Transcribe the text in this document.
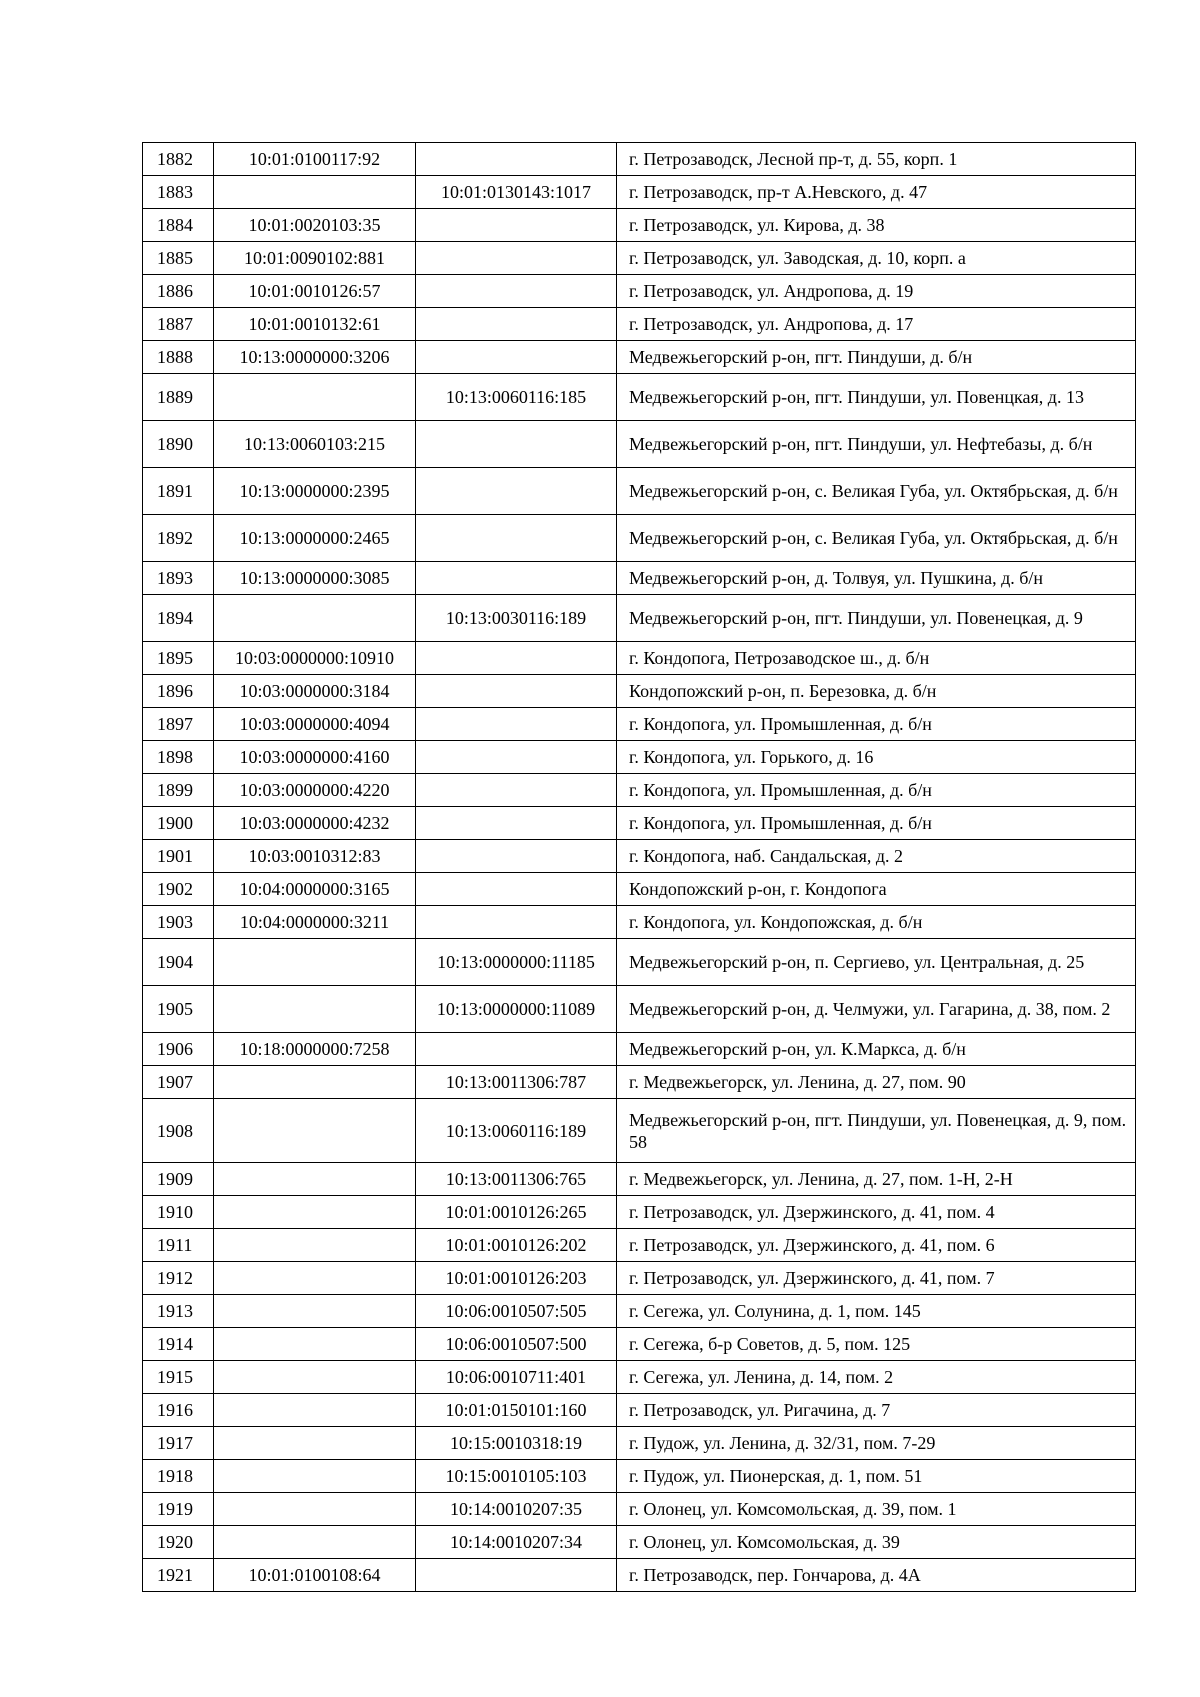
1882	10:01:0100117:92		г. Петрозаводск, Лесной пр-т, д. 55, корп. 1
1883		10:01:0130143:1017	г. Петрозаводск, пр-т А.Невского, д. 47
1884	10:01:0020103:35		г. Петрозаводск, ул. Кирова, д. 38
1885	10:01:0090102:881		г. Петрозаводск, ул. Заводская, д. 10, корп. а
1886	10:01:0010126:57		г. Петрозаводск, ул. Андропова, д. 19
1887	10:01:0010132:61		г. Петрозаводск, ул. Андропова, д. 17
1888	10:13:0000000:3206		Медвежьегорский р-он, пгт. Пиндуши, д. б/н
1889		10:13:0060116:185	Медвежьегорский р-он, пгт. Пиндуши, ул. Повенцкая, д. 13
1890	10:13:0060103:215		Медвежьегорский р-он, пгт. Пиндуши, ул. Нефтебазы, д. б/н
1891	10:13:0000000:2395		Медвежьегорский р-он, с. Великая Губа, ул. Октябрьская, д. б/н
1892	10:13:0000000:2465		Медвежьегорский р-он, с. Великая Губа, ул. Октябрьская, д. б/н
1893	10:13:0000000:3085		Медвежьегорский р-он, д. Толвуя, ул. Пушкина, д. б/н
1894		10:13:0030116:189	Медвежьегорский р-он, пгт. Пиндуши, ул. Повенецкая, д. 9
1895	10:03:0000000:10910		г. Кондопога, Петрозаводское ш., д. б/н
1896	10:03:0000000:3184		Кондопожский р-он, п. Березовка, д. б/н
1897	10:03:0000000:4094		г. Кондопога, ул. Промышленная, д. б/н
1898	10:03:0000000:4160		г. Кондопога, ул. Горького, д. 16
1899	10:03:0000000:4220		г. Кондопога, ул. Промышленная, д. б/н
1900	10:03:0000000:4232		г. Кондопога, ул. Промышленная, д. б/н
1901	10:03:0010312:83		г. Кондопога, наб. Сандальская, д. 2
1902	10:04:0000000:3165		Кондопожский р-он, г. Кондопога
1903	10:04:0000000:3211		г. Кондопога, ул. Кондопожская, д. б/н
1904		10:13:0000000:11185	Медвежьегорский р-он, п. Сергиево, ул. Центральная, д. 25
1905		10:13:0000000:11089	Медвежьегорский р-он, д. Челмужи, ул. Гагарина, д. 38, пом. 2
1906	10:18:0000000:7258		Медвежьегорский р-он, ул. К.Маркса, д. б/н
1907		10:13:0011306:787	г. Медвежьегорск, ул. Ленина, д. 27, пом. 90
1908		10:13:0060116:189	Медвежьегорский р-он, пгт. Пиндуши, ул. Повенецкая, д. 9, пом. 58
1909		10:13:0011306:765	г. Медвежьегорск, ул. Ленина, д. 27, пом. 1-Н, 2-Н
1910		10:01:0010126:265	г. Петрозаводск, ул. Дзержинского, д. 41, пом. 4
1911		10:01:0010126:202	г. Петрозаводск, ул. Дзержинского, д. 41, пом. 6
1912		10:01:0010126:203	г. Петрозаводск, ул. Дзержинского, д. 41, пом. 7
1913		10:06:0010507:505	г. Сегежа, ул. Солунина, д. 1, пом. 145
1914		10:06:0010507:500	г. Сегежа, б-р Советов, д. 5, пом. 125
1915		10:06:0010711:401	г. Сегежа, ул. Ленина, д. 14, пом. 2
1916		10:01:0150101:160	г. Петрозаводск, ул. Ригачина, д. 7
1917		10:15:0010318:19	г. Пудож, ул. Ленина, д. 32/31, пом. 7-29
1918		10:15:0010105:103	г. Пудож, ул. Пионерская, д. 1, пом. 51
1919		10:14:0010207:35	г. Олонец, ул. Комсомольская, д. 39, пом. 1
1920		10:14:0010207:34	г. Олонец, ул. Комсомольская, д. 39
1921	10:01:0100108:64		г. Петрозаводск, пер. Гончарова, д. 4А
